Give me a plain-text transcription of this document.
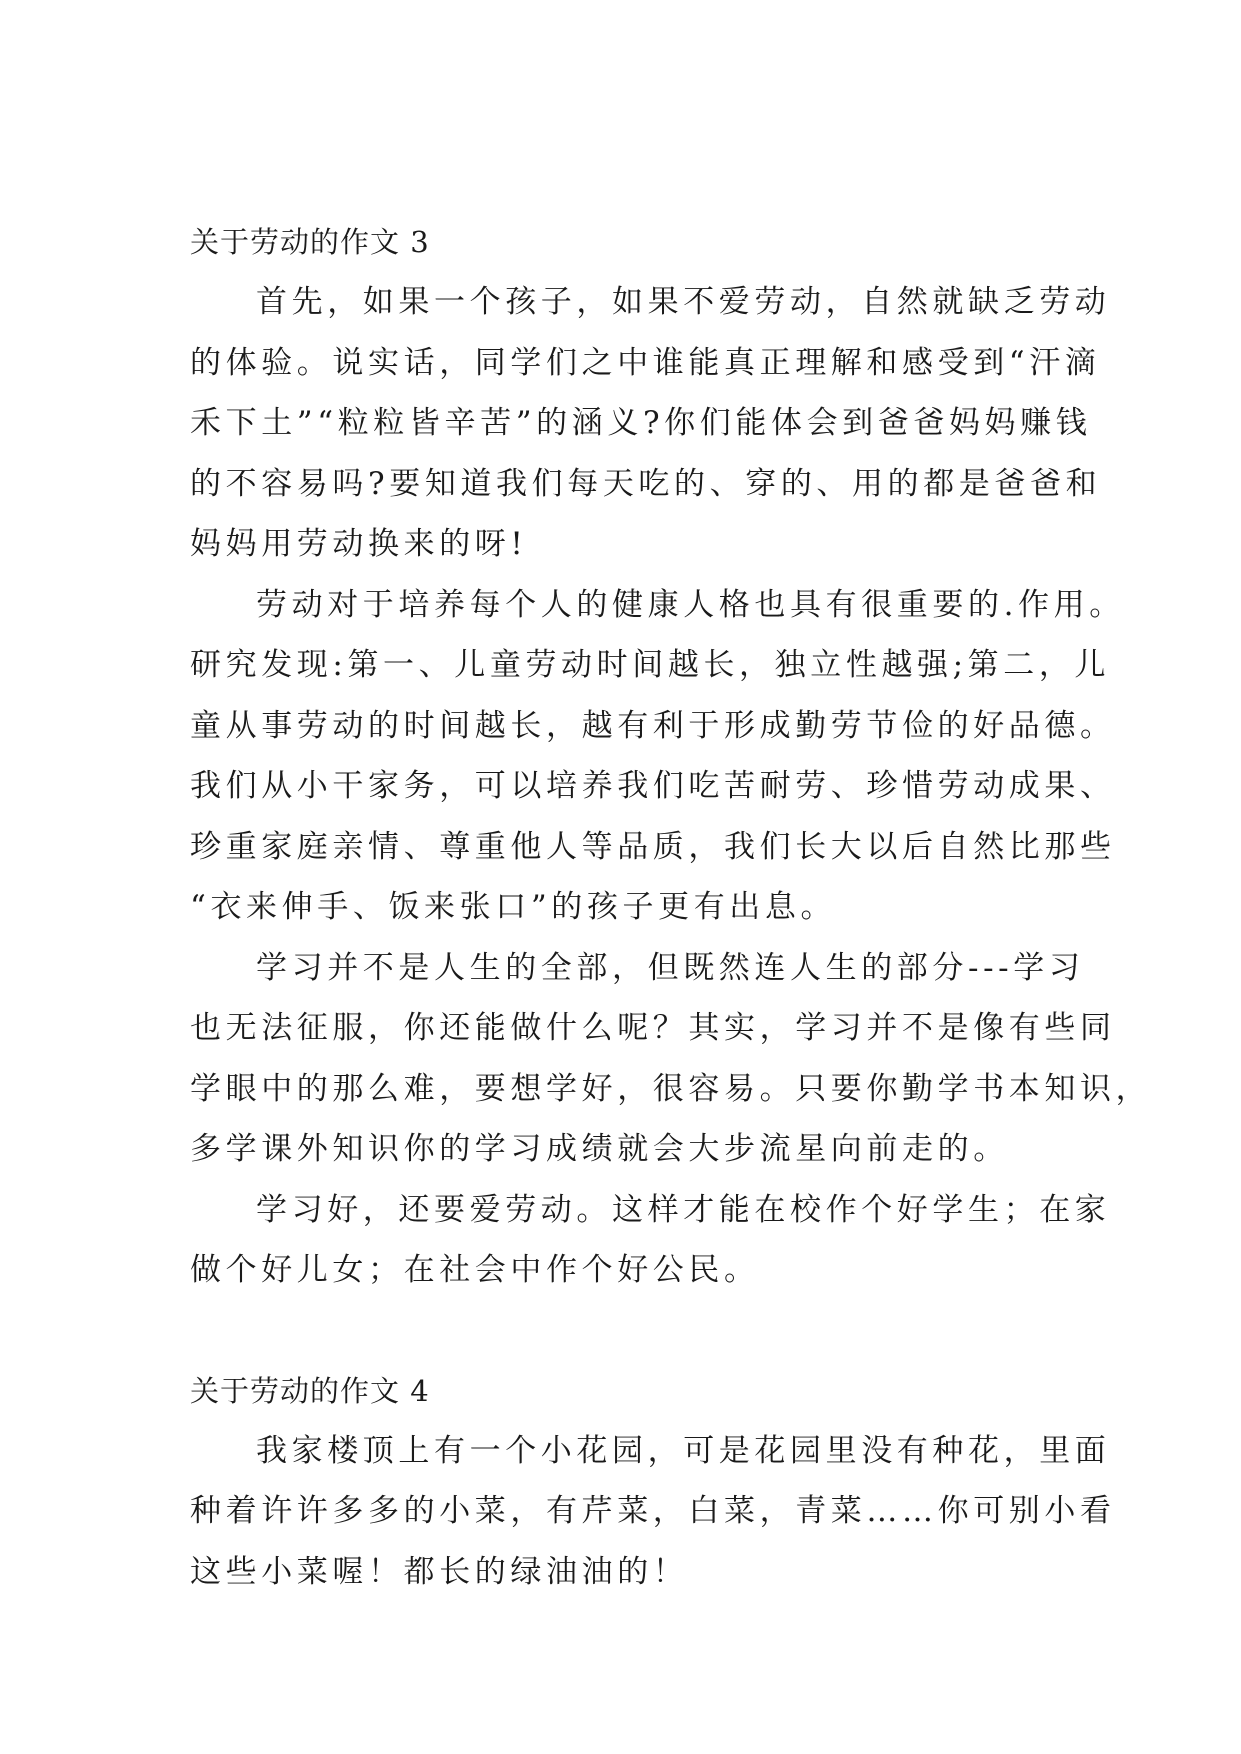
关于劳动的作文 3

首先，如果一个孩子，如果不爱劳动，自然就缺乏劳动
的体验。说实话，同学们之中谁能真正理解和感受到“汗滴
禾下土”“粒粒皆辛苦”的涵义?你们能体会到爸爸妈妈赚钱
的不容易吗?要知道我们每天吃的、穿的、用的都是爸爸和
妈妈用劳动换来的呀!

劳动对于培养每个人的健康人格也具有很重要的.作用。
研究发现:第一、儿童劳动时间越长，独立性越强;第二，儿
童从事劳动的时间越长，越有利于形成勤劳节俭的好品德。
我们从小干家务，可以培养我们吃苦耐劳、珍惜劳动成果、
珍重家庭亲情、尊重他人等品质，我们长大以后自然比那些
“衣来伸手、饭来张口”的孩子更有出息。

学习并不是人生的全部，但既然连人生的部分---学习
也无法征服，你还能做什么呢？其实，学习并不是像有些同
学眼中的那么难，要想学好，很容易。只要你勤学书本知识，
多学课外知识你的学习成绩就会大步流星向前走的。

学习好，还要爱劳动。这样才能在校作个好学生；在家
做个好儿女；在社会中作个好公民。

关于劳动的作文 4

我家楼顶上有一个小花园，可是花园里没有种花，里面
种着许许多多的小菜，有芹菜，白菜，青菜……你可别小看
这些小菜喔！都长的绿油油的！
